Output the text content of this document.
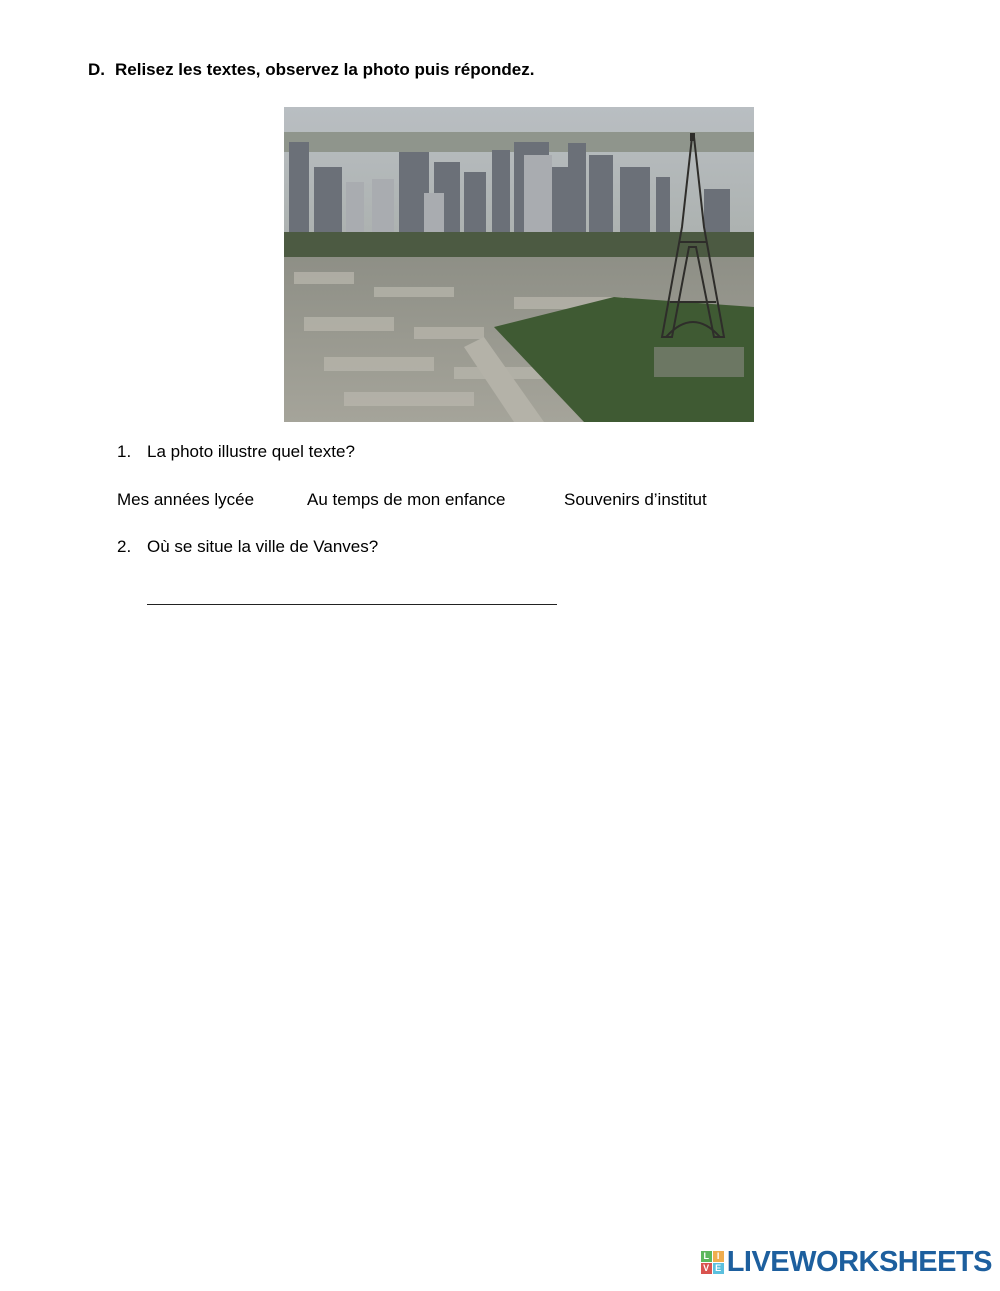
D. Relisez les textes, observez la photo puis répondez.
1. La photo illustre quel texte?
Mes années lycée	Au temps de mon enfance	Souvenirs d’institut
2. Où se situe la ville de Vanves?
L I
V E LIVEWORKSHEETS
